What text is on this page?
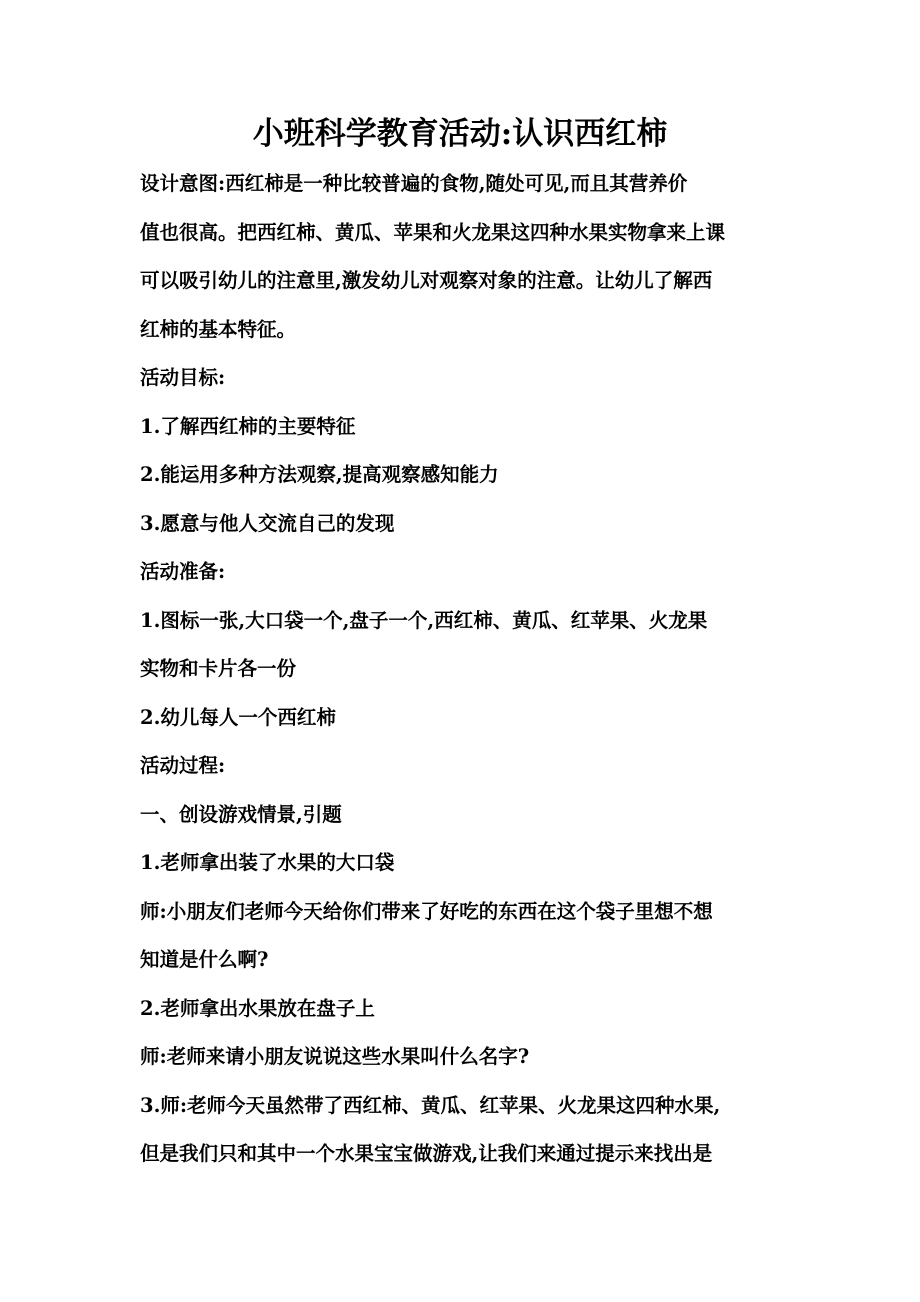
小班科学教育活动:认识西红柿
设计意图:西红柿是一种比较普遍的食物,随处可见,而且其营养价
值也很高。把西红柿、黄瓜、苹果和火龙果这四种水果实物拿来上课
可以吸引幼儿的注意里,激发幼儿对观察对象的注意。让幼儿了解西
红柿的基本特征。
活动目标:
1.了解西红柿的主要特征
2.能运用多种方法观察,提高观察感知能力
3.愿意与他人交流自己的发现
活动准备:
1.图标一张,大口袋一个,盘子一个,西红柿、黄瓜、红苹果、火龙果
实物和卡片各一份
2.幼儿每人一个西红柿
活动过程:
一、创设游戏情景,引题
1.老师拿出装了水果的大口袋
师:小朋友们老师今天给你们带来了好吃的东西在这个袋子里想不想
知道是什么啊?
2.老师拿出水果放在盘子上
师:老师来请小朋友说说这些水果叫什么名字?
3.师:老师今天虽然带了西红柿、黄瓜、红苹果、火龙果这四种水果,
但是我们只和其中一个水果宝宝做游戏,让我们来通过提示来找出是
